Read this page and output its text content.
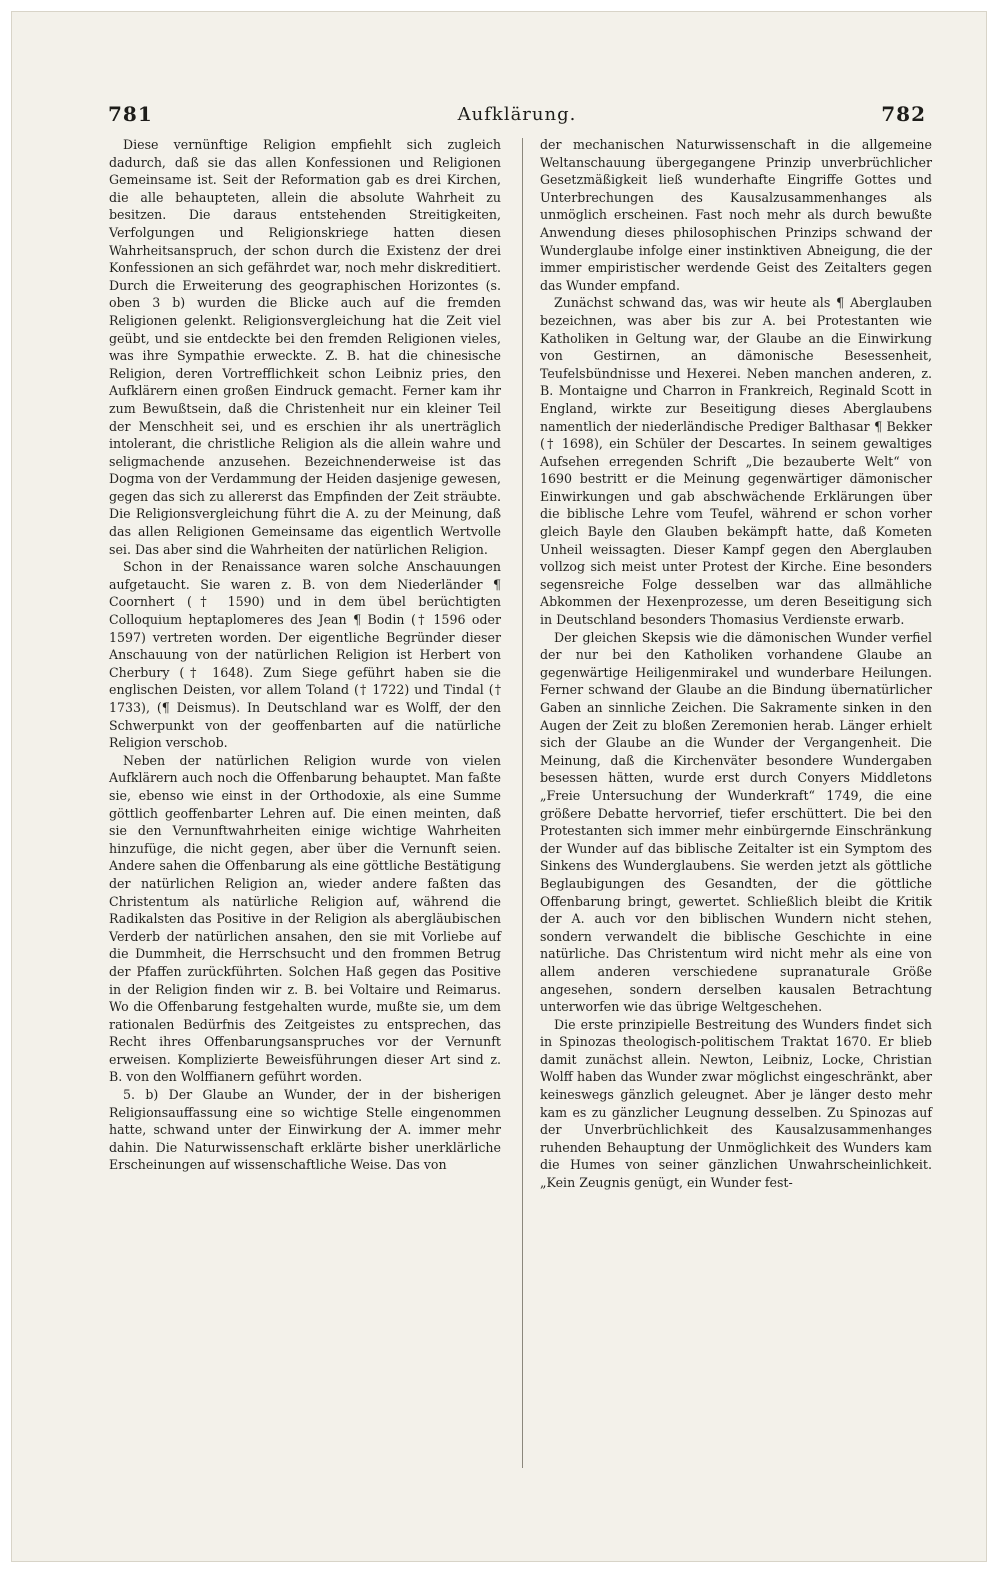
781	Aufklärung.	782

Diese vernünftige Religion empfiehlt sich zugleich dadurch, daß sie das allen Konfessionen und Religionen Gemeinsame ist. Seit der Reformation gab es drei Kirchen, die alle behaupteten, allein die absolute Wahrheit zu besitzen. Die daraus entstehenden Streitigkeiten, Verfolgungen und Religionskriege hatten diesen Wahrheitsanspruch, der schon durch die Existenz der drei Konfessionen an sich gefährdet war, noch mehr diskreditiert. Durch die Erweiterung des geographischen Horizontes (s. oben 3 b) wurden die Blicke auch auf die fremden Religionen gelenkt. Religionsvergleichung hat die Zeit viel geübt, und sie entdeckte bei den fremden Religionen vieles, was ihre Sympathie erweckte. Z. B. hat die chinesische Religion, deren Vortrefflichkeit schon Leibniz pries, den Aufklärern einen großen Eindruck gemacht. Ferner kam ihr zum Bewußtsein, daß die Christenheit nur ein kleiner Teil der Menschheit sei, und es erschien ihr als unerträglich intolerant, die christliche Religion als die allein wahre und seligmachende anzusehen. Bezeichnenderweise ist das Dogma von der Verdammung der Heiden dasjenige gewesen, gegen das sich zu allererst das Empfinden der Zeit sträubte. Die Religionsvergleichung führt die A. zu der Meinung, daß das allen Religionen Gemeinsame das eigentlich Wertvolle sei. Das aber sind die Wahrheiten der natürlichen Religion.

Schon in der Renaissance waren solche Anschauungen aufgetaucht. Sie waren z. B. von dem Niederländer ¶ Coornhert († 1590) und in dem übel berüchtigten Colloquium heptaplomeres des Jean ¶ Bodin († 1596 oder 1597) vertreten worden. Der eigentliche Begründer dieser Anschauung von der natürlichen Religion ist Herbert von Cherbury († 1648). Zum Siege geführt haben sie die englischen Deisten, vor allem Toland († 1722) und Tindal († 1733), (¶ Deismus). In Deutschland war es Wolff, der den Schwerpunkt von der geoffenbarten auf die natürliche Religion verschob.

Neben der natürlichen Religion wurde von vielen Aufklärern auch noch die Offenbarung behauptet. Man faßte sie, ebenso wie einst in der Orthodoxie, als eine Summe göttlich geoffenbarter Lehren auf. Die einen meinten, daß sie den Vernunftwahrheiten einige wichtige Wahrheiten hinzufüge, die nicht gegen, aber über die Vernunft seien. Andere sahen die Offenbarung als eine göttliche Bestätigung der natürlichen Religion an, wieder andere faßten das Christentum als natürliche Religion auf, während die Radikalsten das Positive in der Religion als abergläubischen Verderb der natürlichen ansahen, den sie mit Vorliebe auf die Dummheit, die Herrschsucht und den frommen Betrug der Pfaffen zurückführten. Solchen Haß gegen das Positive in der Religion finden wir z. B. bei Voltaire und Reimarus. Wo die Offenbarung festgehalten wurde, mußte sie, um dem rationalen Bedürfnis des Zeitgeistes zu entsprechen, das Recht ihres Offenbarungsanspruches vor der Vernunft erweisen. Komplizierte Beweisführungen dieser Art sind z. B. von den Wolffianern geführt worden.

5. b) Der Glaube an Wunder, der in der bisherigen Religionsauffassung eine so wichtige Stelle eingenommen hatte, schwand unter der Einwirkung der A. immer mehr dahin. Die Naturwissenschaft erklärte bisher unerklärliche Erscheinungen auf wissenschaftliche Weise. Das von

der mechanischen Naturwissenschaft in die allgemeine Weltanschauung übergegangene Prinzip unverbrüchlicher Gesetzmäßigkeit ließ wunderhafte Eingriffe Gottes und Unterbrechungen des Kausalzusammenhanges als unmöglich erscheinen. Fast noch mehr als durch bewußte Anwendung dieses philosophischen Prinzips schwand der Wunderglaube infolge einer instinktiven Abneigung, die der immer empiristischer werdende Geist des Zeitalters gegen das Wunder empfand.

Zunächst schwand das, was wir heute als ¶ Aberglauben bezeichnen, was aber bis zur A. bei Protestanten wie Katholiken in Geltung war, der Glaube an die Einwirkung von Gestirnen, an dämonische Besessenheit, Teufelsbündnisse und Hexerei. Neben manchen anderen, z. B. Montaigne und Charron in Frankreich, Reginald Scott in England, wirkte zur Beseitigung dieses Aberglaubens namentlich der niederländische Prediger Balthasar ¶ Bekker († 1698), ein Schüler der Descartes. In seinem gewaltiges Aufsehen erregenden Schrift „Die bezauberte Welt“ von 1690 bestritt er die Meinung gegenwärtiger dämonischer Einwirkungen und gab abschwächende Erklärungen über die biblische Lehre vom Teufel, während er schon vorher gleich Bayle den Glauben bekämpft hatte, daß Kometen Unheil weissagten. Dieser Kampf gegen den Aberglauben vollzog sich meist unter Protest der Kirche. Eine besonders segensreiche Folge desselben war das allmähliche Abkommen der Hexenprozesse, um deren Beseitigung sich in Deutschland besonders Thomasius Verdienste erwarb.

Der gleichen Skepsis wie die dämonischen Wunder verfiel der nur bei den Katholiken vorhandene Glaube an gegenwärtige Heiligenmirakel und wunderbare Heilungen. Ferner schwand der Glaube an die Bindung übernatürlicher Gaben an sinnliche Zeichen. Die Sakramente sinken in den Augen der Zeit zu bloßen Zeremonien herab. Länger erhielt sich der Glaube an die Wunder der Vergangenheit. Die Meinung, daß die Kirchenväter besondere Wundergaben besessen hätten, wurde erst durch Conyers Middletons „Freie Untersuchung der Wunderkraft“ 1749, die eine größere Debatte hervorrief, tiefer erschüttert. Die bei den Protestanten sich immer mehr einbürgernde Einschränkung der Wunder auf das biblische Zeitalter ist ein Symptom des Sinkens des Wunderglaubens. Sie werden jetzt als göttliche Beglaubigungen des Gesandten, der die göttliche Offenbarung bringt, gewertet. Schließlich bleibt die Kritik der A. auch vor den biblischen Wundern nicht stehen, sondern verwandelt die biblische Geschichte in eine natürliche. Das Christentum wird nicht mehr als eine von allem anderen verschiedene supranaturale Größe angesehen, sondern derselben kausalen Betrachtung unterworfen wie das übrige Weltgeschehen.

Die erste prinzipielle Bestreitung des Wunders findet sich in Spinozas theologisch-politischem Traktat 1670. Er blieb damit zunächst allein. Newton, Leibniz, Locke, Christian Wolff haben das Wunder zwar möglichst eingeschränkt, aber keineswegs gänzlich geleugnet. Aber je länger desto mehr kam es zu gänzlicher Leugnung desselben. Zu Spinozas auf der Unverbrüchlichkeit des Kausalzusammenhanges ruhenden Behauptung der Unmöglichkeit des Wunders kam die Humes von seiner gänzlichen Unwahrscheinlichkeit. „Kein Zeugnis genügt, ein Wunder fest-
